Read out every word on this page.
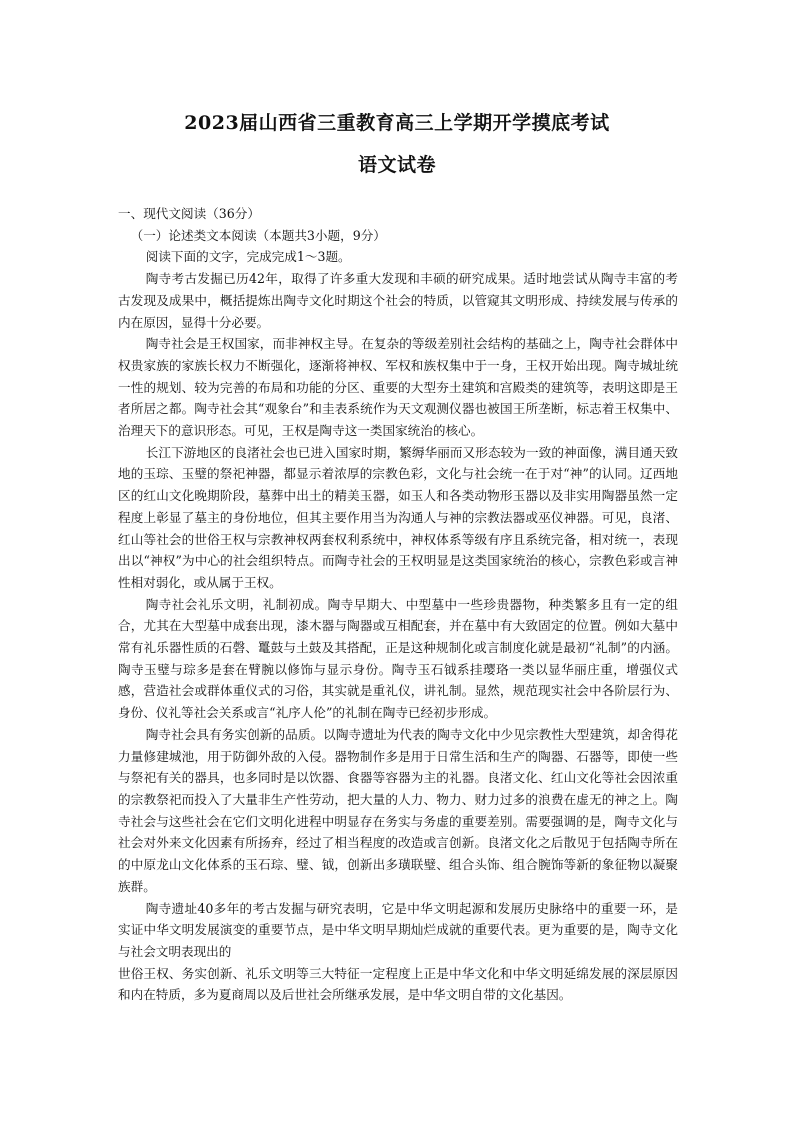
2023届山西省三重教育高三上学期开学摸底考试
语文试卷

一、现代文阅读（36分）

（一）论述类文本阅读（本题共3小题，9分）

阅读下面的文字，完成完成1～3题。

陶寺考古发掘已历42年，取得了许多重大发现和丰硕的研究成果。适时地尝试从陶寺丰富的考古发现及成果中，概括提炼出陶寺文化时期这个社会的特质，以管窥其文明形成、持续发展与传承的内在原因，显得十分必要。

陶寺社会是王权国家，而非神权主导。在复杂的等级差别社会结构的基础之上，陶寺社会群体中权贵家族的家族长权力不断强化，逐渐将神权、军权和族权集中于一身，王权开始出现。陶寺城址统一性的规划、较为完善的布局和功能的分区、重要的大型夯土建筑和宫殿类的建筑等，表明这即是王者所居之都。陶寺社会其“观象台”和圭表系统作为天文观测仪器也被国王所垄断，标志着王权集中、治理天下的意识形态。可见，王权是陶寺这一类国家统治的核心。

长江下游地区的良渚社会也已进入国家时期，繁缛华丽而又形态较为一致的神面像，满目通天致地的玉琮、玉璧的祭祀神器，都显示着浓厚的宗教色彩，文化与社会统一在于对“神”的认同。辽西地区的红山文化晚期阶段，墓葬中出土的精美玉器，如玉人和各类动物形玉器以及非实用陶器虽然一定程度上彰显了墓主的身份地位，但其主要作用当为沟通人与神的宗教法器或巫仪神器。可见，良渚、红山等社会的世俗王权与宗教神权两套权利系统中，神权体系等级有序且系统完备，相对统一，表现出以“神权”为中心的社会组织特点。而陶寺社会的王权明显是这类国家统治的核心，宗教色彩或言神性相对弱化，或从属于王权。

陶寺社会礼乐文明，礼制初成。陶寺早期大、中型墓中一些珍贵器物，种类繁多且有一定的组合，尤其在大型墓中成套出现，漆木器与陶器或互相配套，并在墓中有大致固定的位置。例如大墓中常有礼乐器性质的石磬、鼍鼓与土鼓及其搭配，正是这种规制化或言制度化就是最初“礼制”的内涵。陶寺玉璧与琮多是套在臂腕以修饰与显示身份。陶寺玉石钺系挂璎珞一类以显华丽庄重，增强仪式感，营造社会或群体重仪式的习俗，其实就是重礼仪，讲礼制。显然，规范现实社会中各阶层行为、身份、仪礼等社会关系或言“礼序人伦”的礼制在陶寺已经初步形成。

陶寺社会具有务实创新的品质。以陶寺遗址为代表的陶寺文化中少见宗教性大型建筑，却舍得花力量修建城池，用于防御外敌的入侵。器物制作多是用于日常生活和生产的陶器、石器等，即使一些与祭祀有关的器具，也多同时是以饮器、食器等容器为主的礼器。良渚文化、红山文化等社会因浓重的宗教祭祀而投入了大量非生产性劳动，把大量的人力、物力、财力过多的浪费在虚无的神之上。陶寺社会与这些社会在它们文明化进程中明显存在务实与务虚的重要差别。需要强调的是，陶寺文化与社会对外来文化因素有所扬弃，经过了相当程度的改造或言创新。良渚文化之后散见于包括陶寺所在的中原龙山文化体系的玉石琮、璧、钺，创新出多璜联璧、组合头饰、组合腕饰等新的象征物以凝聚族群。

陶寺遗址40多年的考古发掘与研究表明，它是中华文明起源和发展历史脉络中的重要一环，是实证中华文明发展演变的重要节点，是中华文明早期灿烂成就的重要代表。更为重要的是，陶寺文化与社会文明表现出的

世俗王权、务实创新、礼乐文明等三大特征一定程度上正是中华文化和中华文明延绵发展的深层原因和内在特质，多为夏商周以及后世社会所继承发展，是中华文明自带的文化基因。
